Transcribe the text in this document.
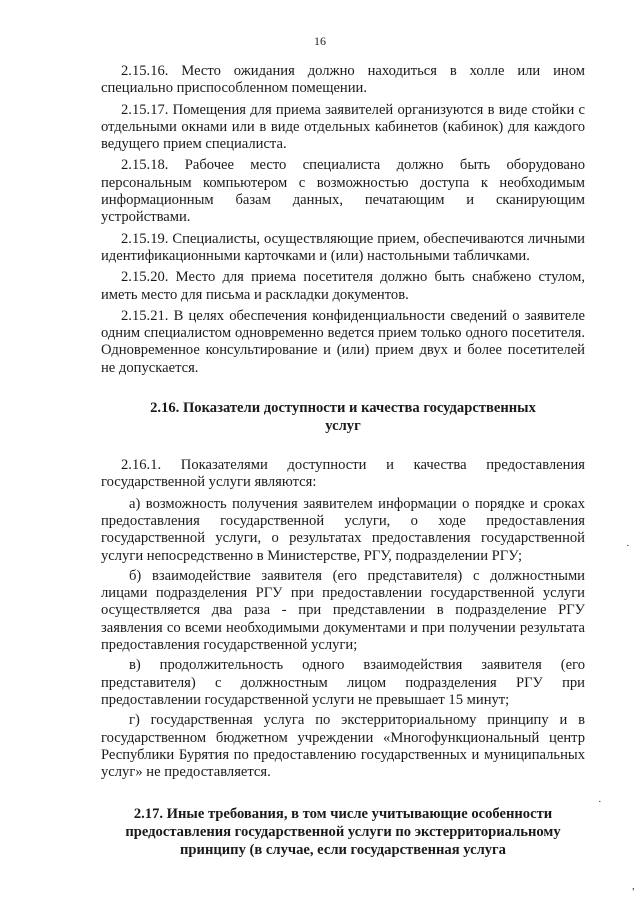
16

2.15.16. Место ожидания должно находиться в холле или ином специально приспособленном помещении.

2.15.17. Помещения для приема заявителей организуются в виде стойки с отдельными окнами или в виде отдельных кабинетов (кабинок) для каждого ведущего прием специалиста.

2.15.18. Рабочее место специалиста должно быть оборудовано персональным компьютером с возможностью доступа к необходимым информационным базам данных, печатающим и сканирующим устройствами.

2.15.19. Специалисты, осуществляющие прием, обеспечиваются личными идентификационными карточками и (или) настольными табличками.

2.15.20. Место для приема посетителя должно быть снабжено стулом, иметь место для письма и раскладки документов.

2.15.21. В целях обеспечения конфиденциальности сведений о заявителе одним специалистом одновременно ведется прием только одного посетителя. Одновременное консультирование и (или) прием двух и более посетителей не допускается.

2.16. Показатели доступности и качества государственных услуг

2.16.1. Показателями доступности и качества предоставления государственной услуги являются:

а) возможность получения заявителем информации о порядке и сроках предоставления государственной услуги, о ходе предоставления государственной услуги, о результатах предоставления государственной услуги непосредственно в Министерстве, РГУ, подразделении РГУ;

б) взаимодействие заявителя (его представителя) с должностными лицами подразделения РГУ при предоставлении государственной услуги осуществляется два раза - при представлении в подразделение РГУ заявления со всеми необходимыми документами и при получении результата предоставления государственной услуги;

в) продолжительность одного взаимодействия заявителя (его представителя) с должностным лицом подразделения РГУ при предоставлении государственной услуги не превышает 15 минут;

г) государственная услуга по экстерриториальному принципу и в государственном бюджетном учреждении «Многофункциональный центр Республики Бурятия по предоставлению государственных и муниципальных услуг» не предоставляется.

2.17. Иные требования, в том числе учитывающие особенности предоставления государственной услуги по экстерриториальному принципу (в случае, если государственная услуга
·
·
,
